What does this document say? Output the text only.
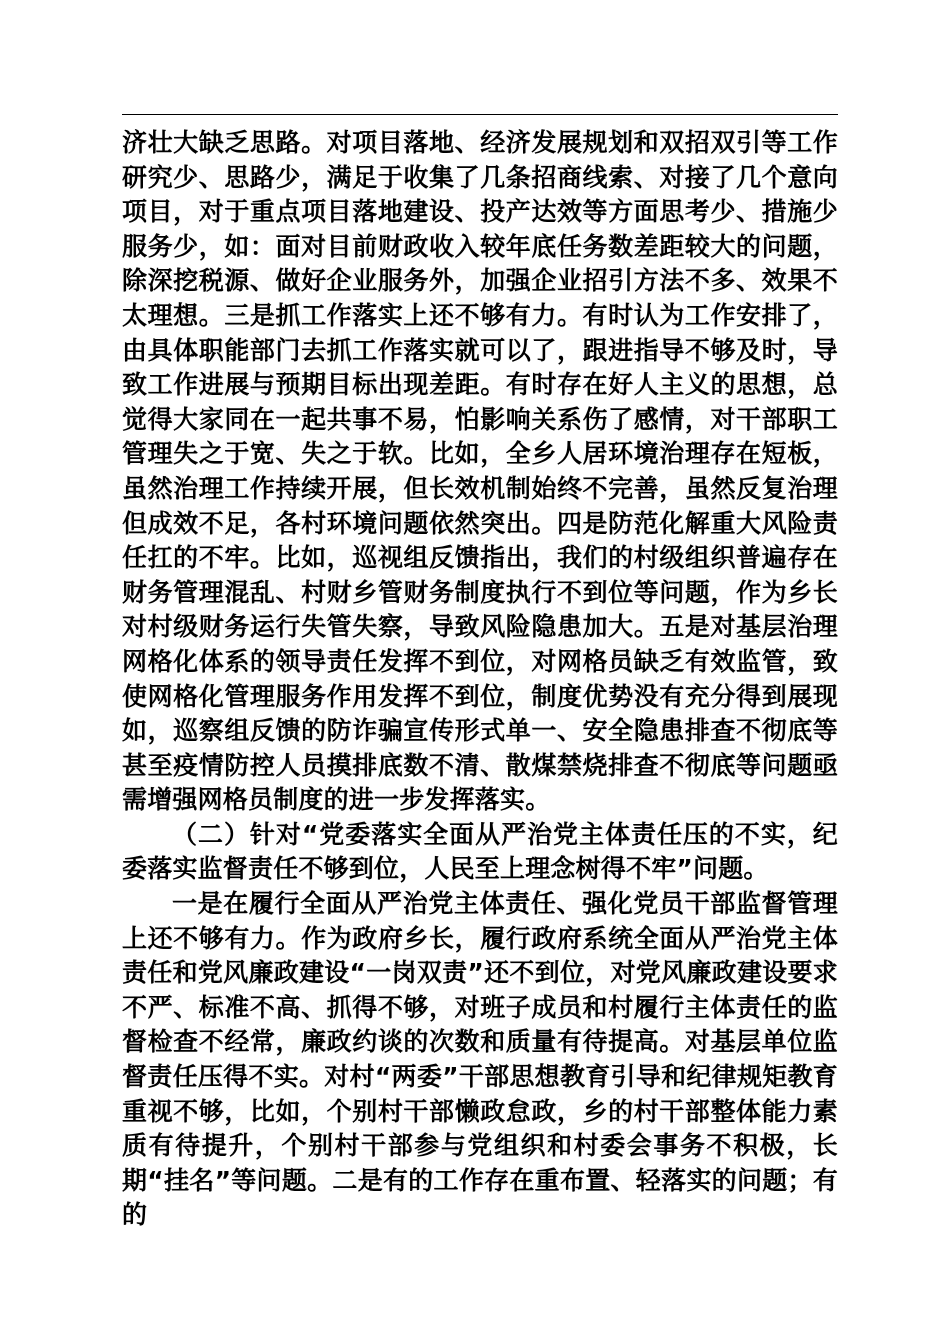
济壮大缺乏思路。对项目落地、经济发展规划和双招双引等工作研究少、思路少，满足于收集了几条招商线索、对接了几个意向项目，对于重点项目落地建设、投产达效等方面思考少、措施少服务少，如：面对目前财政收入较年底任务数差距较大的问题，除深挖税源、做好企业服务外，加强企业招引方法不多、效果不太理想。三是抓工作落实上还不够有力。有时认为工作安排了，由具体职能部门去抓工作落实就可以了，跟进指导不够及时，导致工作进展与预期目标出现差距。有时存在好人主义的思想，总觉得大家同在一起共事不易，怕影响关系伤了感情，对干部职工管理失之于宽、失之于软。比如，全乡人居环境治理存在短板，虽然治理工作持续开展，但长效机制始终不完善，虽然反复治理但成效不足，各村环境问题依然突出。四是防范化解重大风险责任扛的不牢。比如，巡视组反馈指出，我们的村级组织普遍存在财务管理混乱、村财乡管财务制度执行不到位等问题，作为乡长对村级财务运行失管失察，导致风险隐患加大。五是对基层治理网格化体系的领导责任发挥不到位，对网格员缺乏有效监管，致使网格化管理服务作用发挥不到位，制度优势没有充分得到展现如，巡察组反馈的防诈骗宣传形式单一、安全隐患排查不彻底等甚至疫情防控人员摸排底数不清、散煤禁烧排查不彻底等问题亟需增强网格员制度的进一步发挥落实。

（二）针对“党委落实全面从严治党主体责任压的不实，纪委落实监督责任不够到位，人民至上理念树得不牢”问题。

一是在履行全面从严治党主体责任、强化党员干部监督管理上还不够有力。作为政府乡长，履行政府系统全面从严治党主体责任和党风廉政建设“一岗双责”还不到位，对党风廉政建设要求不严、标准不高、抓得不够，对班子成员和村履行主体责任的监督检查不经常，廉政约谈的次数和质量有待提高。对基层单位监督责任压得不实。对村“两委”干部思想教育引导和纪律规矩教育重视不够，比如，个别村干部懒政怠政，乡的村干部整体能力素质有待提升，个别村干部参与党组织和村委会事务不积极，长期“挂名”等问题。二是有的工作存在重布置、轻落实的问题；有的
